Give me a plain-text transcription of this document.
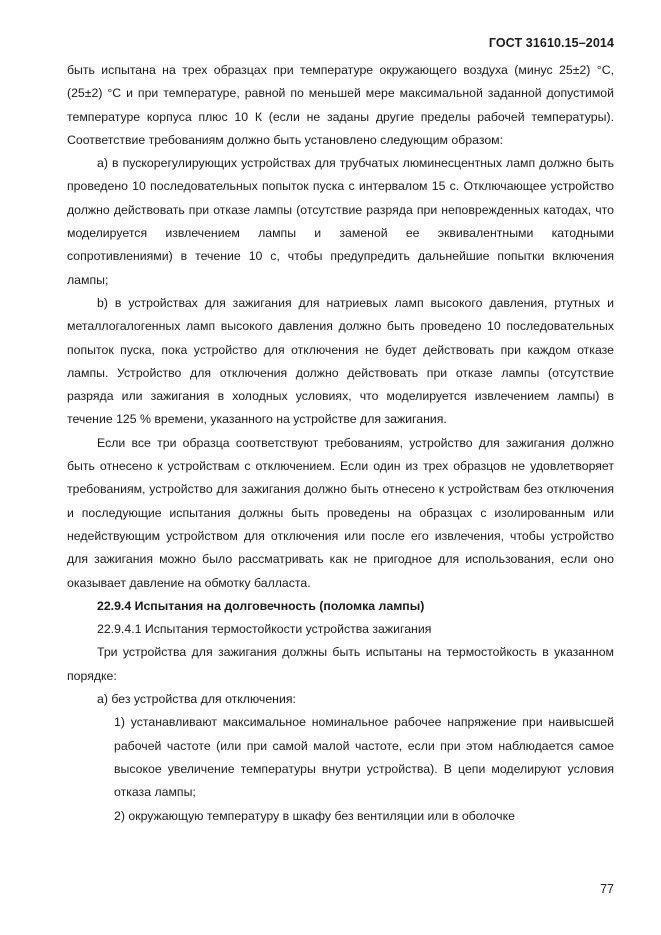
ГОСТ 31610.15–2014

быть испытана на трех образцах при температуре окружающего воздуха (минус 25±2) °С, (25±2) °С и при температуре, равной по меньшей мере максимальной заданной допустимой температуре корпуса плюс 10 К (если не заданы другие пределы рабочей температуры). Соответствие требованиям должно быть установлено следующим образом:

a) в пускорегулирующих устройствах для трубчатых люминесцентных ламп должно быть проведено 10 последовательных попыток пуска с интервалом 15 с. Отключающее устройство должно действовать при отказе лампы (отсутствие разряда при неповрежденных катодах, что моделируется извлечением лампы и заменой ее эквивалентными катодными сопротивлениями) в течение 10 с, чтобы предупредить дальнейшие попытки включения лампы;

b) в устройствах для зажигания для натриевых ламп высокого давления, ртутных и металлогалогенных ламп высокого давления должно быть проведено 10 последовательных попыток пуска, пока устройство для отключения не будет действовать при каждом отказе лампы. Устройство для отключения должно действовать при отказе лампы (отсутствие разряда или зажигания в холодных условиях, что моделируется извлечением лампы) в течение 125 % времени, указанного на устройстве для зажигания.

Если все три образца соответствуют требованиям, устройство для зажигания должно быть отнесено к устройствам с отключением. Если один из трех образцов не удовлетворяет требованиям, устройство для зажигания должно быть отнесено к устройствам без отключения и последующие испытания должны быть проведены на образцах с изолированным или недействующим устройством для отключения или после его извлечения, чтобы устройство для зажигания можно было рассматривать как не пригодное для использования, если оно оказывает давление на обмотку балласта.

22.9.4 Испытания на долговечность (поломка лампы)

22.9.4.1 Испытания термостойкости устройства зажигания

Три устройства для зажигания должны быть испытаны на термостойкость в указанном порядке:

а) без устройства для отключения:

1) устанавливают максимальное номинальное рабочее напряжение при наивысшей рабочей частоте (или при самой малой частоте, если при этом наблюдается самое высокое увеличение температуры внутри устройства). В цепи моделируют условия отказа лампы;

2) окружающую температуру в шкафу без вентиляции или в оболочке

77
